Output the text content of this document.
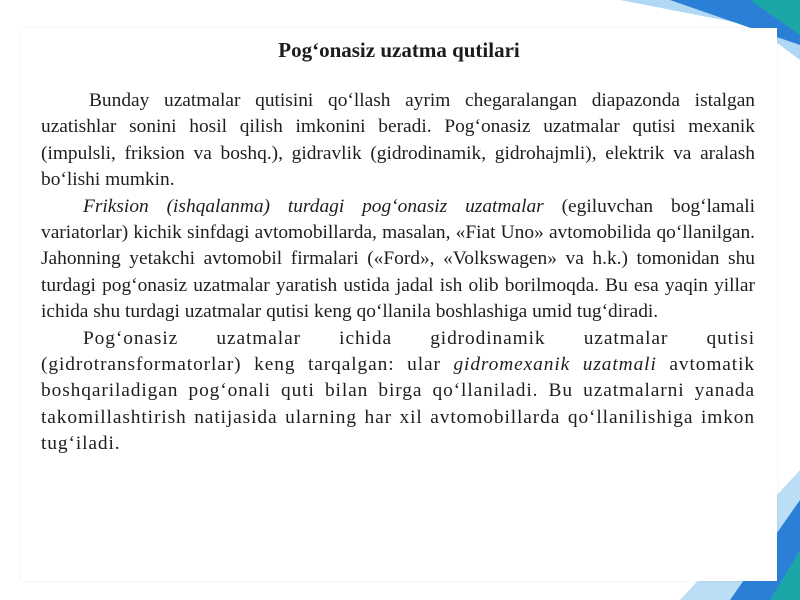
Pog‘onasiz uzatma qutilari

Bunday uzatmalar qutisini qo‘llash ayrim chegaralangan diapazonda istalgan uzatishlar sonini hosil qilish imkonini beradi. Pog‘onasiz uzatmalar qutisi mexanik (impulsli, friksion va boshq.), gidravlik (gidrodinamik, gidrohajmli), elektrik va aralash bo‘lishi mumkin.

Friksion (ishqalanma) turdagi pog‘onasiz uzatmalar (egiluvchan bog‘lamali variatorlar) kichik sinfdagi avtomobillarda, masalan, «Fiat Uno» avtomobilida qo‘llanilgan. Jahonning yetakchi avtomobil firmalari («Ford», «Volkswagen» va h.k.) tomonidan shu turdagi pog‘onasiz uzatmalar yaratish ustida jadal ish olib borilmoqda. Bu esa yaqin yillar ichida shu turdagi uzatmalar qutisi keng qo‘llanila boshlashiga umid tug‘diradi.

Pog‘onasiz uzatmalar ichida gidrodinamik uzatmalar qutisi (gidrotransformatorlar) keng tarqalgan: ular gidromexanik uzatmali avtomatik boshqariladigan pog‘onali quti bilan birga qo‘llaniladi. Bu uzatmalarni yanada takomillashtirish natijasida ularning har xil avtomobillarda qo‘llanilishiga imkon tug‘iladi.
